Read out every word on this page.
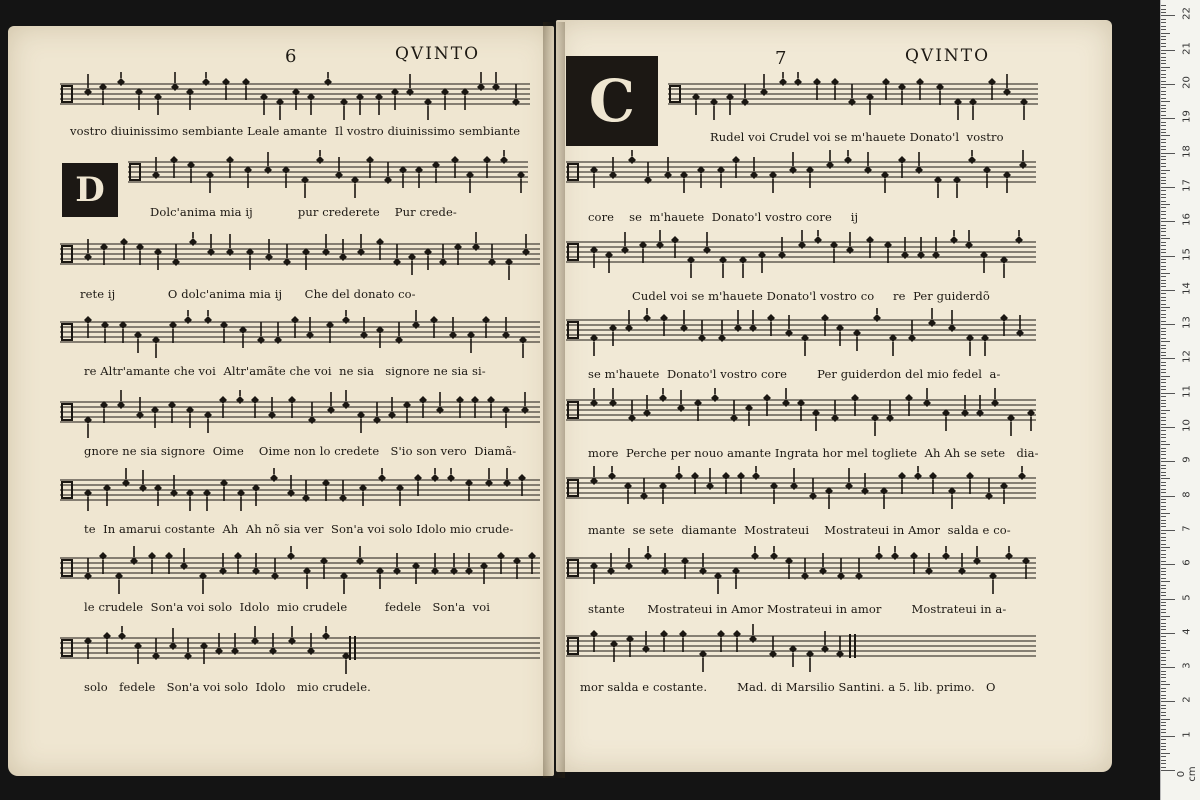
6	QVINTO	7	QVINTO
D
C
vostro diuinissimo sembiante Leale amante  Il vostro diuinissimo sembiante
Dolc'anima mia ij            pur crederete    Pur crede-
rete ij              O dolc'anima mia ij      Che del donato co-
re Altr'amante che voi  Altr'amãte che voi  ne sia   signore ne sia si-
gnore ne sia signore  Oime    Oime non lo credete   S'io son vero  Diamã-
te  In amarui costante  Ah  Ah nõ sia ver  Son'a voi solo Idolo mio crude-
le crudele  Son'a voi solo  Idolo  mio crudele          fedele   Son'a  voi
solo   fedele   Son'a voi solo  Idolo   mio crudele.
Rudel voi Crudel voi se m'hauete Donato'l  vostro
core    se  m'hauete  Donato'l vostro core     ij
Cudel voi se m'hauete Donato'l vostro co     re  Per guiderdõ
se m'hauete  Donato'l vostro core        Per guiderdon del mio fedel  a-
more  Perche per nouo amante Ingrata hor mel togliete  Ah Ah se sete   dia-
mante  se sete  diamante  Mostrateui    Mostrateui in Amor  salda e co-
stante      Mostrateui in Amor Mostrateui in amor        Mostrateui in a-
mor salda e costante.        Mad. di Marsilio Santini. a 5. lib. primo.   O
0 cm
1
2
3
4
5
6
7
8
9
10
11
12
13
14
15
16
17
18
19
20
21
22
